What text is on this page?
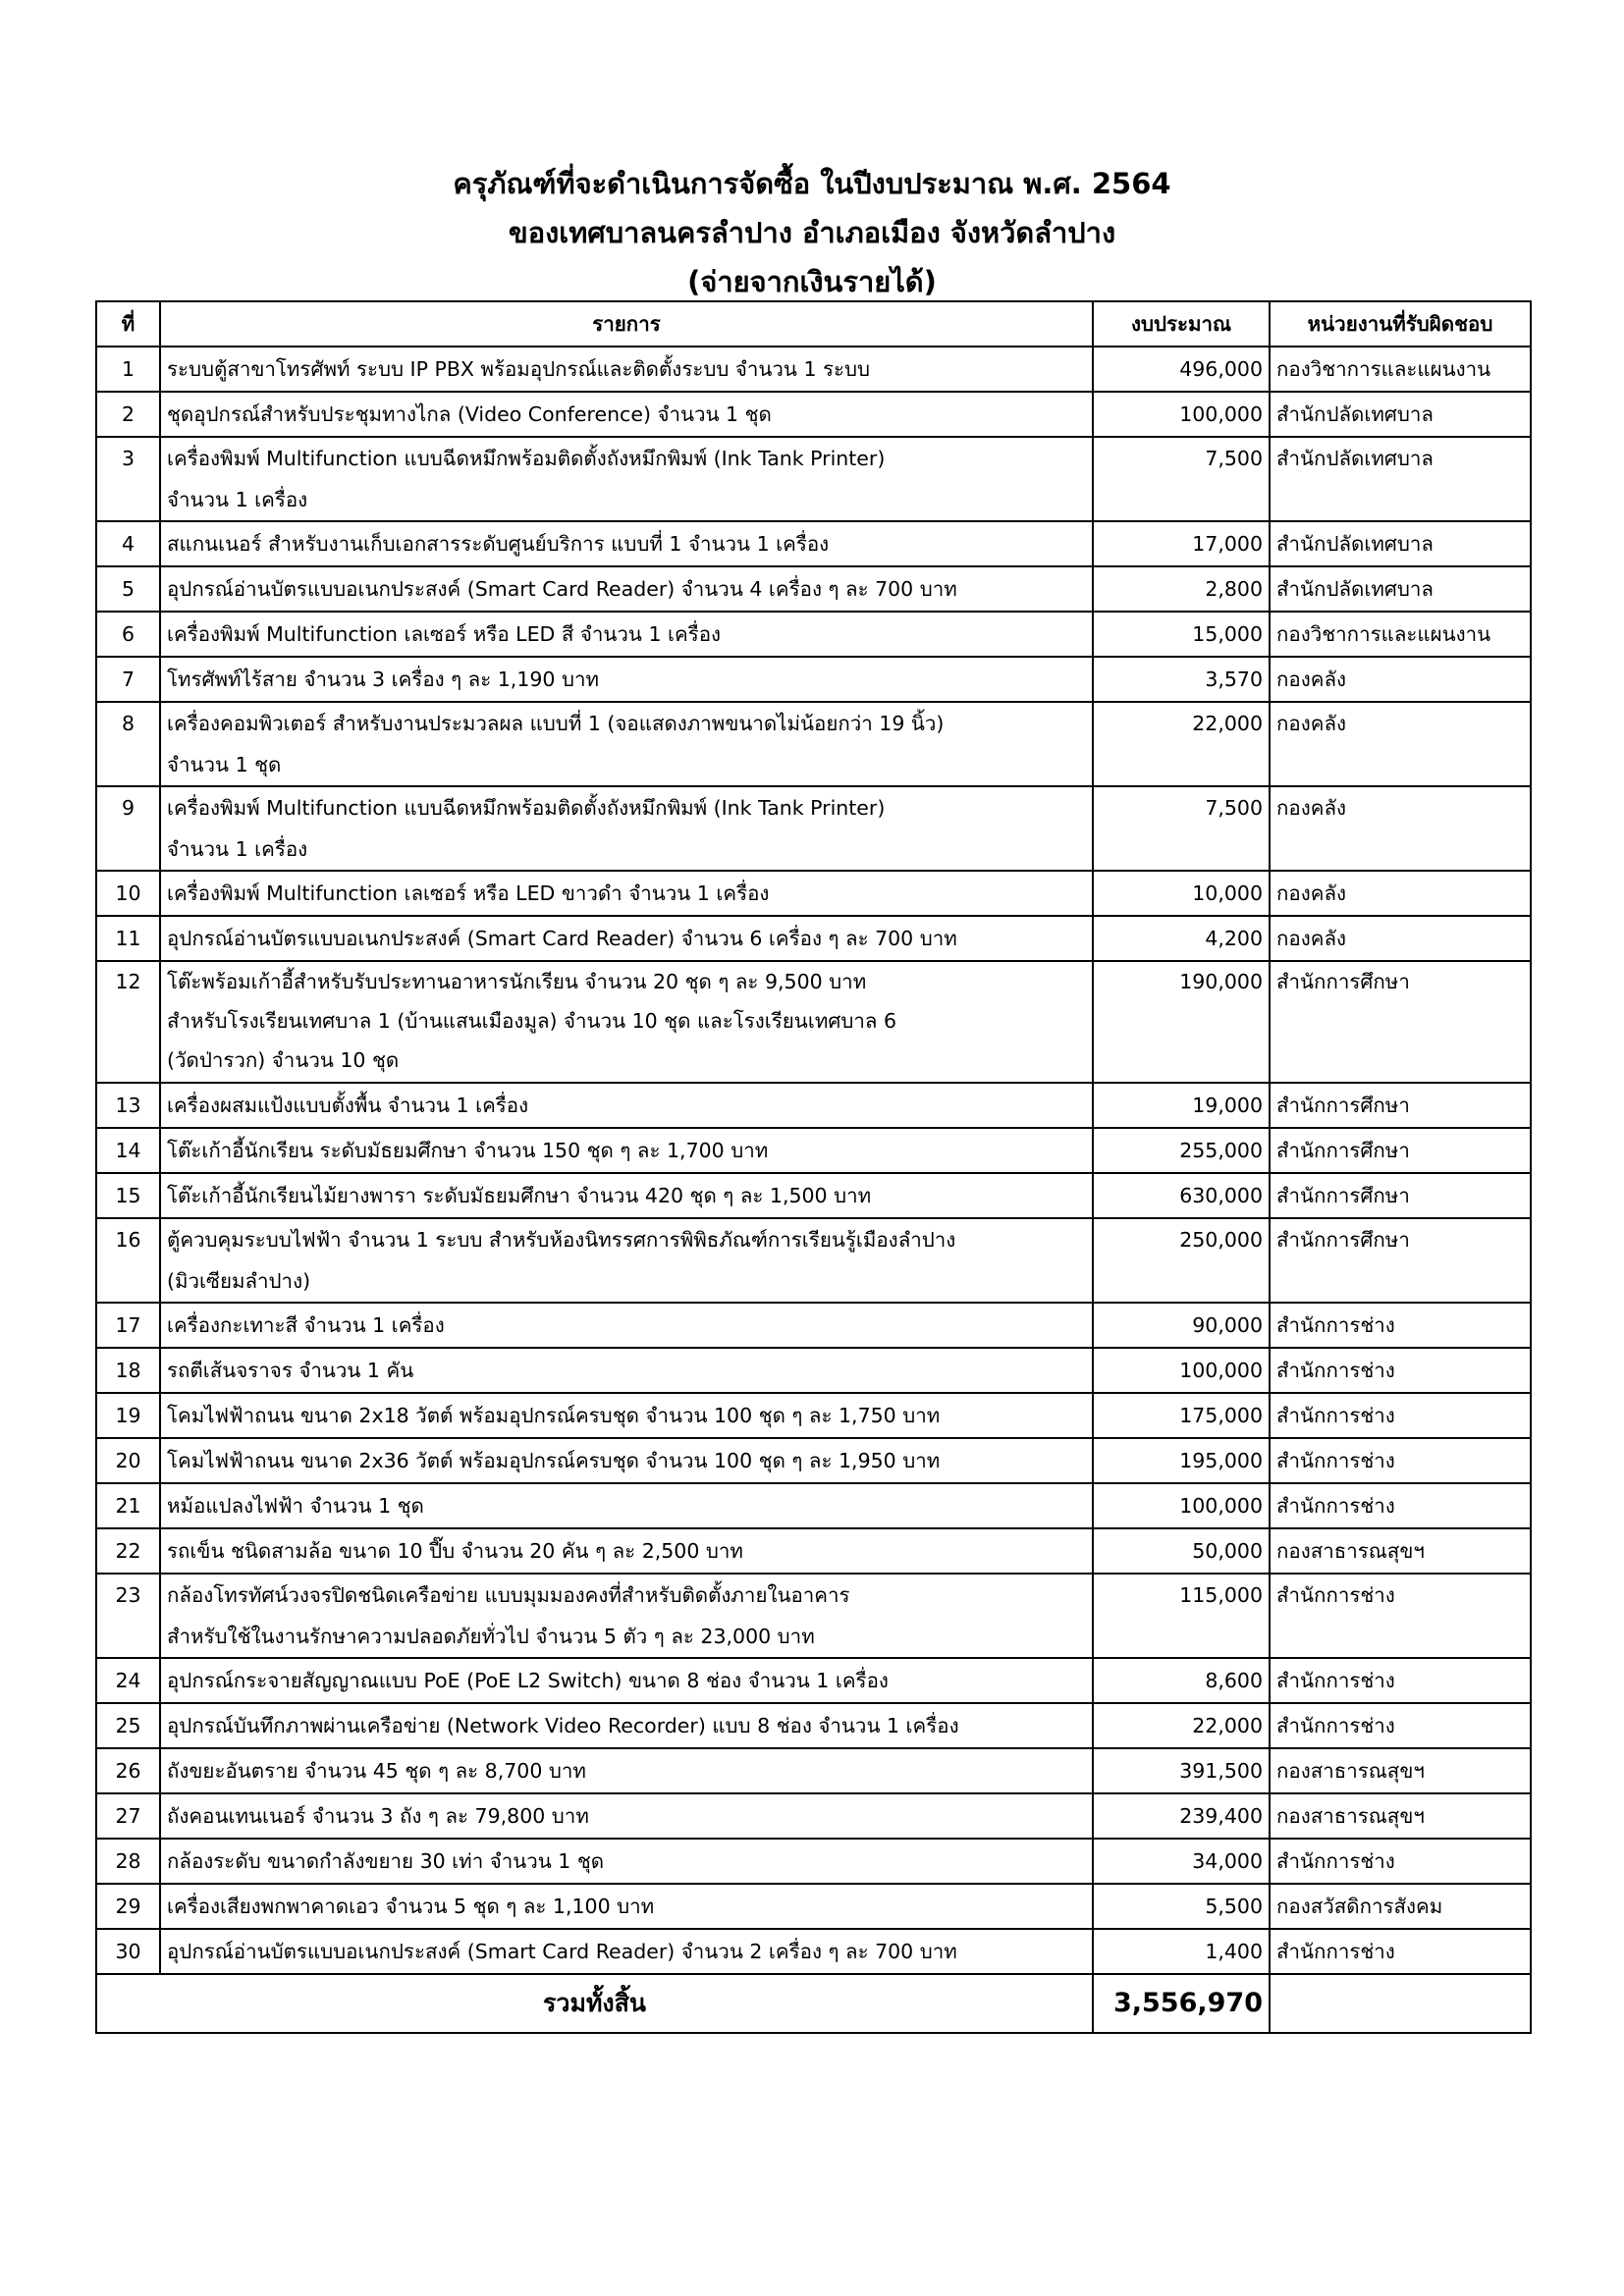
ครุภัณฑ์ที่จะดำเนินการจัดซื้อ ในปีงบประมาณ พ.ศ. 2564
ของเทศบาลนครลำปาง อำเภอเมือง จังหวัดลำปาง
(จ่ายจากเงินรายได้)
ที่	รายการ	งบประมาณ	หน่วยงานที่รับผิดชอบ
1	ระบบตู้สาขาโทรศัพท์ ระบบ IP PBX พร้อมอุปกรณ์และติดตั้งระบบ จำนวน 1 ระบบ	496,000	กองวิชาการและแผนงาน
2	ชุดอุปกรณ์สำหรับประชุมทางไกล (Video Conference) จำนวน 1 ชุด	100,000	สำนักปลัดเทศบาล
3	เครื่องพิมพ์ Multifunction แบบฉีดหมึกพร้อมติดตั้งถังหมึกพิมพ์ (Ink Tank Printer)
จำนวน 1 เครื่อง	7,500	สำนักปลัดเทศบาล
4	สแกนเนอร์ สำหรับงานเก็บเอกสารระดับศูนย์บริการ แบบที่ 1 จำนวน 1 เครื่อง	17,000	สำนักปลัดเทศบาล
5	อุปกรณ์อ่านบัตรแบบอเนกประสงค์ (Smart Card Reader) จำนวน 4 เครื่อง ๆ ละ 700 บาท	2,800	สำนักปลัดเทศบาล
6	เครื่องพิมพ์ Multifunction เลเซอร์ หรือ LED สี จำนวน 1 เครื่อง	15,000	กองวิชาการและแผนงาน
7	โทรศัพท์ไร้สาย จำนวน 3 เครื่อง ๆ ละ 1,190 บาท	3,570	กองคลัง
8	เครื่องคอมพิวเตอร์ สำหรับงานประมวลผล แบบที่ 1 (จอแสดงภาพขนาดไม่น้อยกว่า 19 นิ้ว)
จำนวน 1 ชุด	22,000	กองคลัง
9	เครื่องพิมพ์ Multifunction แบบฉีดหมึกพร้อมติดตั้งถังหมึกพิมพ์ (Ink Tank Printer)
จำนวน 1 เครื่อง	7,500	กองคลัง
10	เครื่องพิมพ์ Multifunction เลเซอร์ หรือ LED ขาวดำ จำนวน 1 เครื่อง	10,000	กองคลัง
11	อุปกรณ์อ่านบัตรแบบอเนกประสงค์ (Smart Card Reader) จำนวน 6 เครื่อง ๆ ละ 700 บาท	4,200	กองคลัง
12	โต๊ะพร้อมเก้าอี้สำหรับรับประทานอาหารนักเรียน จำนวน 20 ชุด ๆ ละ 9,500 บาท
สำหรับโรงเรียนเทศบาล 1 (บ้านแสนเมืองมูล) จำนวน 10 ชุด และโรงเรียนเทศบาล 6
(วัดป่ารวก) จำนวน 10 ชุด	190,000	สำนักการศึกษา
13	เครื่องผสมแป้งแบบตั้งพื้น จำนวน 1 เครื่อง	19,000	สำนักการศึกษา
14	โต๊ะเก้าอี้นักเรียน ระดับมัธยมศึกษา จำนวน 150 ชุด ๆ ละ 1,700 บาท	255,000	สำนักการศึกษา
15	โต๊ะเก้าอี้นักเรียนไม้ยางพารา ระดับมัธยมศึกษา จำนวน 420 ชุด ๆ ละ 1,500 บาท	630,000	สำนักการศึกษา
16	ตู้ควบคุมระบบไฟฟ้า จำนวน 1 ระบบ สำหรับห้องนิทรรศการพิพิธภัณฑ์การเรียนรู้เมืองลำปาง
(มิวเซียมลำปาง)	250,000	สำนักการศึกษา
17	เครื่องกะเทาะสี จำนวน 1 เครื่อง	90,000	สำนักการช่าง
18	รถตีเส้นจราจร จำนวน 1 คัน	100,000	สำนักการช่าง
19	โคมไฟฟ้าถนน ขนาด 2x18 วัตต์ พร้อมอุปกรณ์ครบชุด จำนวน 100 ชุด ๆ ละ 1,750 บาท	175,000	สำนักการช่าง
20	โคมไฟฟ้าถนน ขนาด 2x36 วัตต์ พร้อมอุปกรณ์ครบชุด จำนวน 100 ชุด ๆ ละ 1,950 บาท	195,000	สำนักการช่าง
21	หม้อแปลงไฟฟ้า จำนวน 1 ชุด	100,000	สำนักการช่าง
22	รถเข็น ชนิดสามล้อ ขนาด 10 ปี๊บ จำนวน 20 คัน ๆ ละ 2,500 บาท	50,000	กองสาธารณสุขฯ
23	กล้องโทรทัศน์วงจรปิดชนิดเครือข่าย แบบมุมมองคงที่สำหรับติดตั้งภายในอาคาร
สำหรับใช้ในงานรักษาความปลอดภัยทั่วไป จำนวน 5 ตัว ๆ ละ 23,000 บาท	115,000	สำนักการช่าง
24	อุปกรณ์กระจายสัญญาณแบบ PoE (PoE L2 Switch) ขนาด 8 ช่อง จำนวน 1 เครื่อง	8,600	สำนักการช่าง
25	อุปกรณ์บันทึกภาพผ่านเครือข่าย (Network Video Recorder) แบบ 8 ช่อง จำนวน 1 เครื่อง	22,000	สำนักการช่าง
26	ถังขยะอันตราย จำนวน 45 ชุด ๆ ละ 8,700 บาท	391,500	กองสาธารณสุขฯ
27	ถังคอนเทนเนอร์ จำนวน 3 ถัง ๆ ละ 79,800 บาท	239,400	กองสาธารณสุขฯ
28	กล้องระดับ ขนาดกำลังขยาย 30 เท่า จำนวน 1 ชุด	34,000	สำนักการช่าง
29	เครื่องเสียงพกพาคาดเอว จำนวน 5 ชุด ๆ ละ 1,100 บาท	5,500	กองสวัสดิการสังคม
30	อุปกรณ์อ่านบัตรแบบอเนกประสงค์ (Smart Card Reader) จำนวน 2 เครื่อง ๆ ละ 700 บาท	1,400	สำนักการช่าง
รวมทั้งสิ้น		3,556,970	
